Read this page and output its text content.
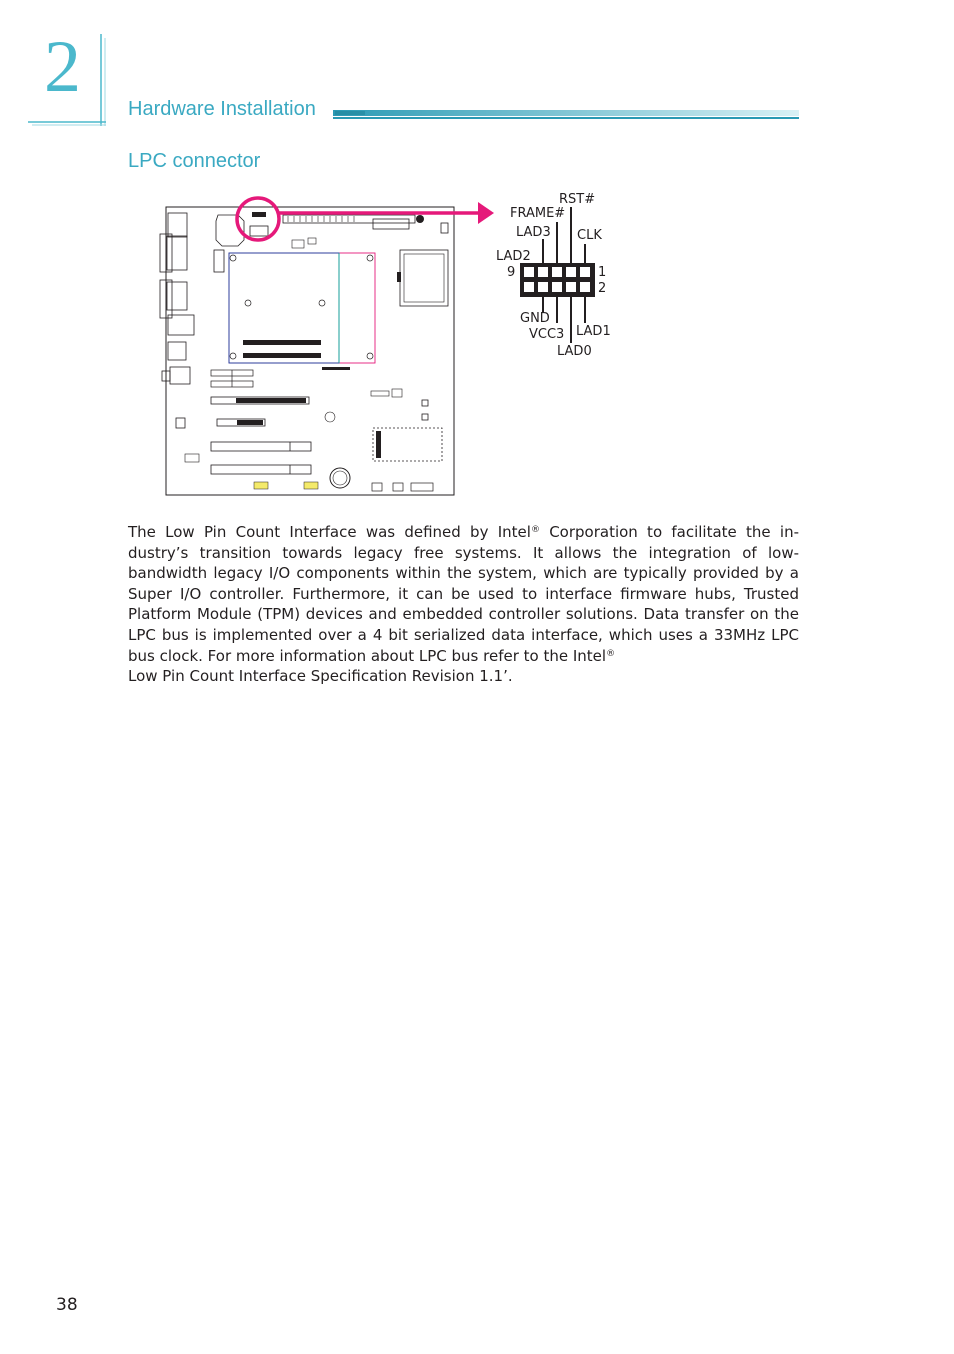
2
Hardware Installation
LPC connector
RST#
FRAME#
LAD3 CLK
LAD2
9	1
2
GND
LAD1
VCC3
LAD0

The Low Pin Count Interface was defined by Intel® Corporation to facilitate the in-dustry’s transition towards legacy free systems. It allows the integration of low-bandwidth legacy I/O components within the system, which are typically provided by a Super I/O controller. Furthermore, it can be used to interface firmware hubs, Trusted Platform Module (TPM) devices and embedded controller solutions. Data transfer on the LPC bus is implemented over a 4 bit serialized data interface, which uses a 33MHz LPC bus clock. For more information about LPC bus refer to the Intel®
Low Pin Count Interface Specification Revision 1.1’.

38
